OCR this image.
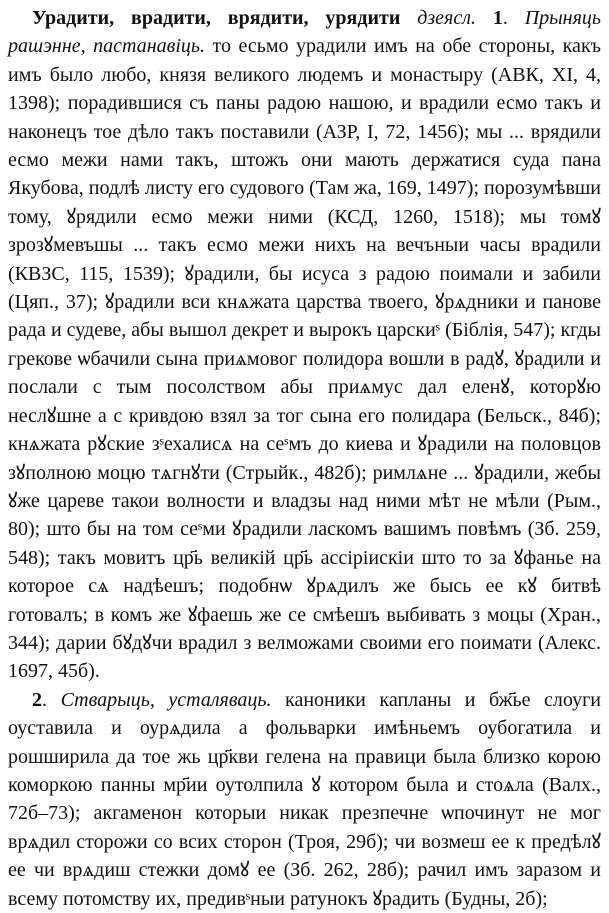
Урадити, врадити, врядити, урядити дзеясл. 1. Прыняць рашэнне, пастанавіць. то есьмо урадили имъ на обе стороны, какъ имъ было любо, князя великого людемъ и монастыру (АВК, XI, 4, 1398); порадившися съ паны радою нашою, и врадили есмо такъ и наконецъ тое дѣло такъ поставили (АЗР, I, 72, 1456); мы ... врядили есмо межи нами такъ, штожъ они мають держатися суда пана Якубова, подлѣ листу его судового (Там жа, 169, 1497); порозумѣвши тому, ꙋрядили есмо межи ними (КСД, 1260, 1518); мы томꙋ зрозꙋмевъшы ... такъ есмо межи нихъ на вечъныи часы врадили (КВЗС, 115, 1539); ꙋрадили, бы исуса з радою поимали и забили (Цяп., 37); ꙋрадили вси кнѧжата царства твоего, ꙋрѧдники и панове рада и судеве, абы вышол декрет и вырокъ царскиˢ (Біблія, 547); кгды грекове ѡбачили сына приѧмовог полидора вошли в радꙋ, ꙋрадили и послали с тым посолством абы приѧмус дал еленꙋ, которꙋю неслꙋшне а с кривдою взял за тог сына его полидара (Бельск., 84б); кнѧжата рꙋские зˢехалисѧ на сеˢмъ до киева и ꙋрадили на половцов зꙋполною моцю тѧгнꙋти (Стрыйк., 482б); римлѧне ... ꙋрадили, жебы ꙋже цареве такои волности и владзы над ними мѣт не мѣли (Рым., 80); што бы на том сеˢми ꙋрадили ласкомъ вашимъ повѣмъ (Зб. 259, 548); такъ мовитъ цр҃ь великій цр҃ь ассіріискіи што то за ꙋфанье на которое сѧ надѣешъ; подобнѡ ꙋрѧдилъ же бысь ее кꙋ битвѣ готовалъ; в комъ же ꙋфаешь же се смѣешъ выбивать з моцы (Хран., 344); дарии бꙋдꙋчи врадил з велможами своими его поимати (Алекс. 1697, 45б).

2. Стварыць, усталяваць. каноники капланы и бж҃ье слоуги оуставила и оурѧдила а фольварки имѣньемъ оубогатила и рошширила да тое жь цр҃кви гелена на правици была близко корою коморкою панны мр҃ии оутолпила ꙋ котором была и стоѧла (Валх., 72б–73); акгаменон которыи никак презпечне ѡпочинут не мог врѧдил сторожи со всих сторон (Троя, 29б); чи возмеш ее к предѣлꙋ ее чи врѧдиш стежки домꙋ ее (Зб. 262, 28б); рачил имъ заразом и всему потомству их, предивˢныи ратунокъ ꙋрадить (Будны, 2б);
